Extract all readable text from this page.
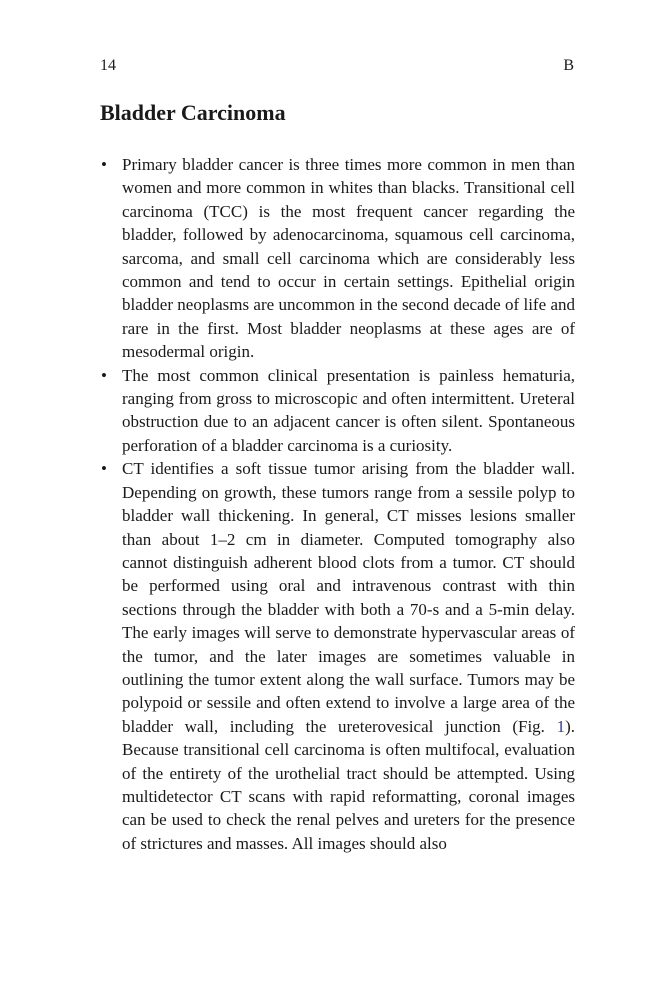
14	B
Bladder Carcinoma
• Primary bladder cancer is three times more common in men than women and more common in whites than blacks. Transitional cell carcinoma (TCC) is the most frequent cancer regarding the bladder, followed by adenocarcinoma, squamous cell carcinoma, sarcoma, and small cell carcinoma which are considerably less common and tend to occur in certain settings. Epithelial origin bladder neoplasms are uncommon in the second decade of life and rare in the first. Most bladder neoplasms at these ages are of mesodermal origin.
• The most common clinical presentation is painless hematuria, ranging from gross to microscopic and often intermittent. Ureteral obstruction due to an adjacent cancer is often silent. Spontaneous perforation of a bladder carcinoma is a curiosity.
• CT identifies a soft tissue tumor arising from the bladder wall. Depending on growth, these tumors range from a sessile polyp to bladder wall thickening. In general, CT misses lesions smaller than about 1–2 cm in diameter. Computed tomography also cannot distinguish adherent blood clots from a tumor. CT should be performed using oral and intravenous contrast with thin sections through the bladder with both a 70-s and a 5-min delay. The early images will serve to demonstrate hypervascular areas of the tumor, and the later images are sometimes valuable in outlining the tumor extent along the wall surface. Tumors may be polypoid or sessile and often extend to involve a large area of the bladder wall, including the ureterovesical junction (Fig. 1). Because transitional cell carcinoma is often multifocal, evaluation of the entirety of the urothelial tract should be attempted. Using multidetector CT scans with rapid reformatting, coronal images can be used to check the renal pelves and ureters for the presence of strictures and masses. All images should also
